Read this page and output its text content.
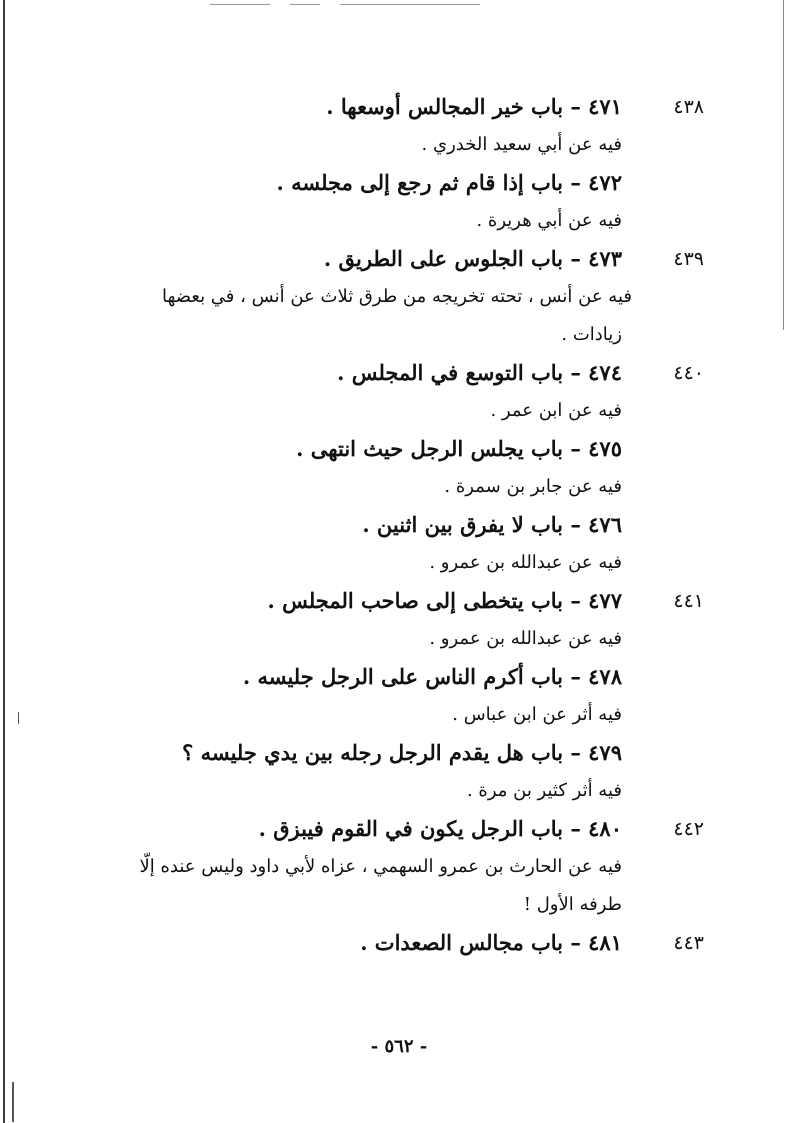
٤٣٨
٤٧١ – باب خير المجالس أوسعها .
فيه عن أبي سعيد الخدري .
٤٧٢ – باب إذا قام ثم رجع إلى مجلسه .
فيه عن أبي هريرة .
٤٣٩
٤٧٣ – باب الجلوس على الطريق .
فيه عن أنس ، تحته تخريجه من طرق ثلاث عن أنس ، في بعضها
زيادات .
٤٤٠
٤٧٤ – باب التوسع في المجلس .
فيه عن ابن عمر .
٤٧٥ – باب يجلس الرجل حيث انتهى .
فيه عن جابر بن سمرة .
٤٧٦ – باب لا يفرق بين اثنين .
فيه عن عبدالله بن عمرو .
٤٤١
٤٧٧ – باب يتخطى إلى صاحب المجلس .
فيه عن عبدالله بن عمرو .
٤٧٨ – باب أكرم الناس على الرجل جليسه .
فيه أثر عن ابن عباس .
٤٧٩ – باب هل يقدم الرجل رجله بين يدي جليسه ؟
فيه أثر كثير بن مرة .
٤٤٢
٤٨٠ – باب الرجل يكون في القوم فيبزق .
فيه عن الحارث بن عمرو السهمي ، عزاه لأبي داود وليس عنده إلّا
طرفه الأول !
٤٤٣
٤٨١ – باب مجالس الصعدات .
- ٥٦٢ -
